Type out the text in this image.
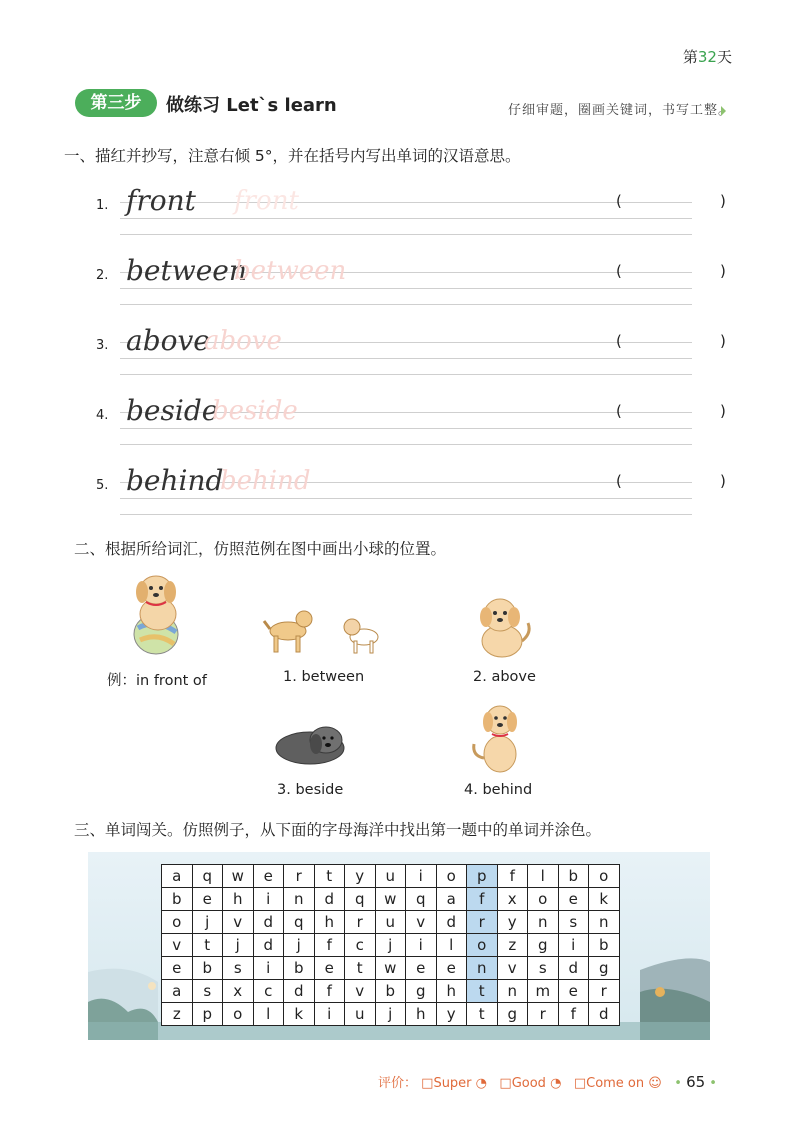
第32天
第三步	做练习 Let`s learn	仔细审题，圈画关键词，书写工整。
一、描红并抄写，注意右倾 5°，并在括号内写出单词的汉语意思。
1. front front	(	)
2. between
between	(	)
3. above
above	(	)
4. beside
beside	(	)
5. behind
behind	(	)
二、根据所给词汇，仿照范例在图中画出小球的位置。
例：in front of	1. between	2. above
3. beside	4. behind
三、单词闯关。仿照例子，从下面的字母海洋中找出第一题中的单词并涂色。
a	q	w	e	r	t	y	u	i	o	p	f	l	b	o
b	e	h	i	n	d	q	w	q	a	f	x	o	e	k
o	j	v	d	q	h	r	u	v	d	r	y	n	s	n
v	t	j	d	j	f	c	j	i	l	o	z	g	i	b
e	b	s	i	b	e	t	w	e	e	n	v	s	d	g
a	s	x	c	d	f	v	b	g	h	t	n	m	e	r
z	p	o	l	k	i	u	j	h	y	t	g	r	f	d
评价： □Super ◔ □Good ◔ □Come on ☺ • 65 •
